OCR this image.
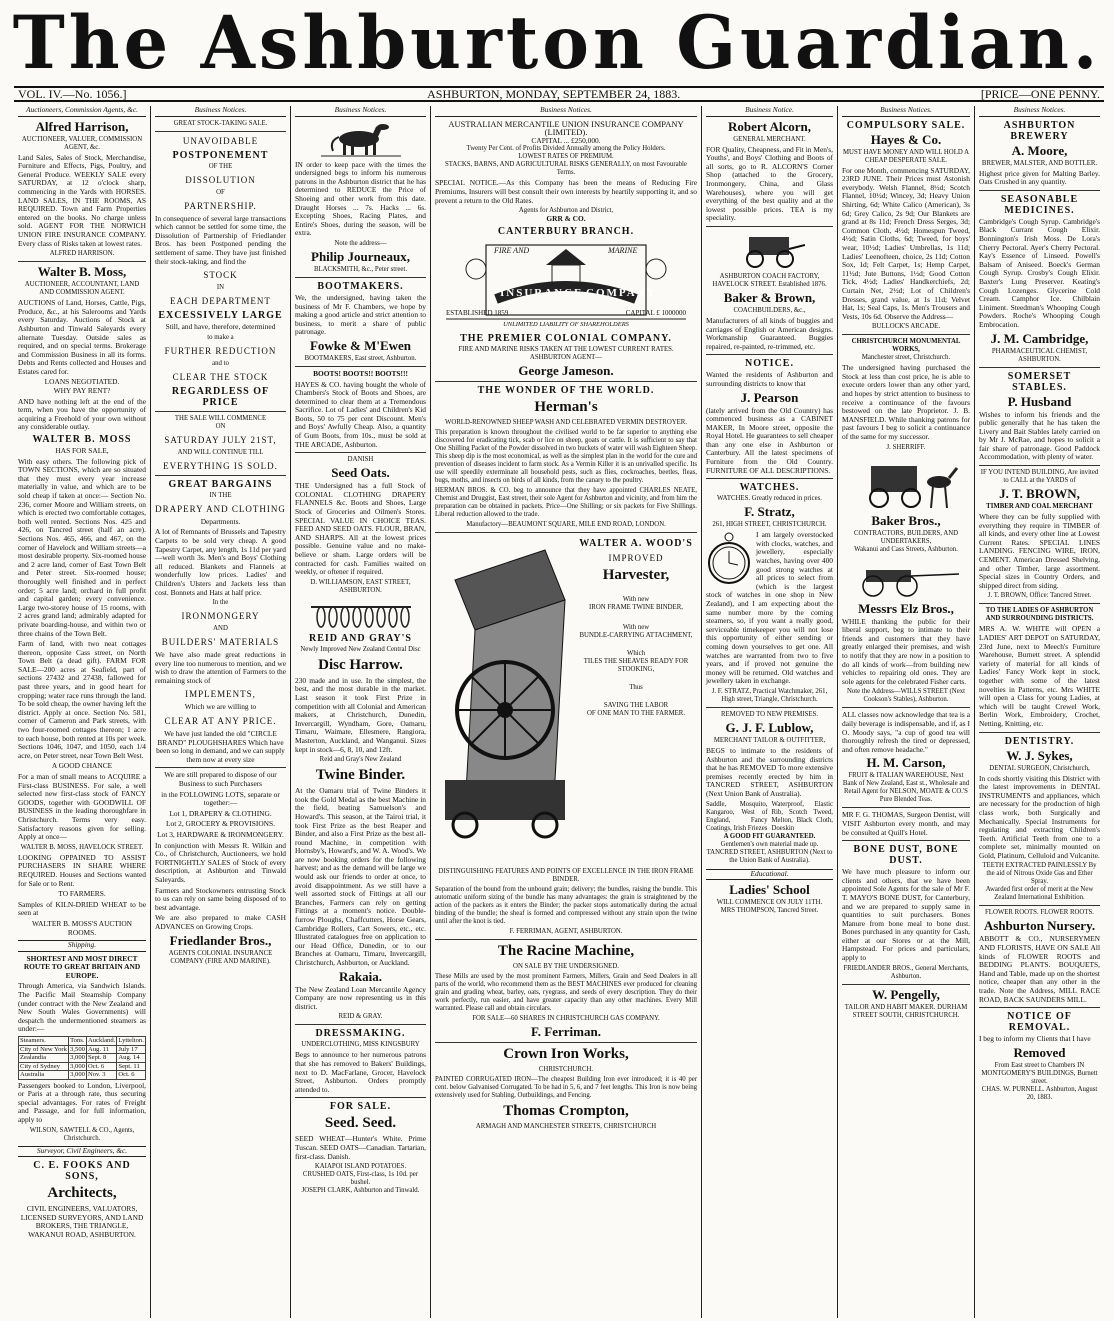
The Ashburton Guardian.
VOL. IV.—No. 1056.]	ASHBURTON, MONDAY, SEPTEMBER 24, 1883.	[PRICE—ONE PENNY.
Auctioneers, Commission Agents, &c.
Alfred Harrison,
AUCTIONEER, VALUER, COMMISSION AGENT, &c.
Land Sales, Sales of Stock, Merchandise, Furniture and Effects, Pigs, Poultry, and General Produce. WEEKLY SALE every SATURDAY, at 12 o'clock sharp, commencing in the Yards with HORSES. LAND SALES, IN THE ROOMS, AS REQUIRED. Town and Farm Properties entered on the books. No charge unless sold. AGENT FOR THE NORWICH UNION FIRE INSURANCE COMPANY. Every class of Risks taken at lowest rates.
ALFRED HARRISON.
Walter B. Moss,
AUCTIONEER, ACCOUNTANT, LAND AND COMMISSION AGENT.
AUCTIONS of Land, Horses, Cattle, Pigs, Produce, &c., at his Salerooms and Yards every Saturday. Auctions of Stock at Ashburton and Tinwald Saleyards every alternate Tuesday. Outside sales as required, and on special terms. Brokerage and Commission Business in all its forms. Debts and Rents collected and Houses and Estates cared for.
LOANS NEGOTIATED.
WHY PAY RENT?
AND have nothing left at the end of the term, when you have the opportunity of acquiring a Freehold of your own without any considerable outlay.
WALTER B. MOSS
HAS FOR SALE,
With easy others. The following pick of TOWN SECTIONS, which are so situated that they must every year increase materially in value, and which are to be sold cheap if taken at once:— Section No. 236, corner Moore and William streets, on which is erected two comfortable cottages, both well rented. Sections Nos. 425 and 426, on Tancred street (half an acre). Sections Nos. 465, 466, and 467, on the corner of Havelock and William streets—a most desirable property. Six-roomed house and 2 acre land, corner of East Town Belt and Peter street. Six-roomed house; thoroughly well finished and in perfect order; 5 acre land; orchard in full profit and capital garden; every convenience. Large two-storey house of 15 rooms, with 2 acres grand land; admirably adapted for private boarding-house, and within two or three chains of the Town Belt.
Farm of land, with two neat cottages thereon, opposite Cass street, on North Town Belt (a dead gift). FARM FOR SALE—200 acres at Seafield, part of sections 27432 and 27438, fallowed for past three years, and in good heart for cropping; water race runs through the land. To be sold cheap, the owner having left the district. Apply at once. Section No. 581, corner of Cameron and Park streets, with two four-roomed cottages thereon; 1 acre to each house, both rented at 10s per week. Sections 1046, 1047, and 1050, each 1/4 acre, on Peter street, near Town Belt West.
A GOOD CHANCE
For a man of small means to ACQUIRE a First-class BUSINESS. For sale, a well selected new first-class stock of FANCY GOODS, together with GOODWILL OF BUSINESS in the leading thoroughfare in Christchurch. Terms very easy. Satisfactory reasons given for selling. Apply at once—
WALTER B. MOSS, HAVELOCK STREET.
LOOKING OPPAINED TO ASSIST PURCHASERS IN SHARE WHERE REQUIRED. Houses and Sections wanted for Sale or to Rent.
TO FARMERS.
Samples of KILN-DRIED WHEAT to be seen at
WALTER B. MOSS'S AUCTION ROOMS.
Shipping.
SHORTEST AND MOST DIRECT ROUTE TO GREAT BRITAIN AND EUROPE.
Through America, via Sandwich Islands. The Pacific Mail Steamship Company (under contract with the New Zealand and New South Wales Governments) will despatch the undermentioned steamers as under:—
Steamers.	Tons.	Auckland.	Lyttelton.
City of New York	3,500	Aug. 11	July 17
Zealandia	3,000	Sept. 8	Aug. 14
City of Sydney	3,000	Oct. 6	Sept. 11
Australia	3,000	Nov. 3	Oct. 6
Passengers booked to London, Liverpool, or Paris at a through rate, thus securing special advantages. For rates of Freight and Passage, and for full information, apply to
WILSON, SAWTELL & CO., Agents, Christchurch.
Surveyor, Civil Engineers, &c.
C. E. FOOKS AND SONS,
Architects,
CIVIL ENGINEERS, VALUATORS, LICENSED SURVEYORS, AND LAND BROKERS, THE TRIANGLE, WAKANUI ROAD, ASHBURTON.
Business Notices.
GREAT STOCK-TAKING SALE.
UNAVOIDABLE
POSTPONEMENT
OF THE
DISSOLUTION
OF
PARTNERSHIP.
In consequence of several large transactions which cannot be settled for some time, the Dissolution of Partnership of Friedlander Bros. has been Postponed pending the settlement of same. They have just finished their stock-taking, and find the
STOCK
IN
EACH DEPARTMENT
EXCESSIVELY LARGE
Still, and have, therefore, determined
to make a
FURTHER REDUCTION
and to
CLEAR THE STOCK
REGARDLESS OF PRICE
THE SALE WILL COMMENCE
ON
SATURDAY JULY 21ST,
AND WILL CONTINUE TILL
EVERYTHING IS SOLD.
GREAT BARGAINS
IN THE
DRAPERY AND CLOTHING
Departments.
A lot of Remnants of Brussels and Tapestry Carpets to be sold very cheap. A good Tapestry Carpet, any length, 1s 11d per yard—well worth 3s. Men's and Boys' Clothing all reduced. Blankets and Flannels at wonderfully low prices. Ladies' and Children's Ulsters and Jackets less than cost. Bonnets and Hats at half price.
In the
IRONMONGERY
AND
BUILDERS' MATERIALS
We have also made great reductions in every line too numerous to mention, and we wish to draw the attention of Farmers to the remaining stock of
IMPLEMENTS,
Which we are willing to
CLEAR AT ANY PRICE.
We have just landed the old "CIRCLE BRAND" PLOUGHSHARES Which have been so long in demand, and we can supply them now at every size
We are still prepared to dispose of our Business to such Purchasers
in the FOLLOWING LOTS, separate or together:—
Lot 1, DRAPERY & CLOTHING.
Lot 2, GROCERY & PROVISIONS.
Lot 3, HARDWARE & IRONMONGERY.
In conjunction with Messrs R. Wilkin and Co., of Christchurch, Auctioneers, we hold FORTNIGHTLY SALES of Stock of every description, at Ashburton and Tinwald Saleyards.
Farmers and Stockowners entrusting Stock to us can rely on same being disposed of to best advantage.
We are also prepared to make CASH ADVANCES on Growing Crops.
Friedlander Bros.,
AGENTS COLONIAL INSURANCE COMPANY (FIRE AND MARINE).
Business Notices.
IN order to keep pace with the times the undersigned begs to inform his numerous patrons in the Ashburton district that he has determined to REDUCE the Price of Shoeing and other work from this date. Draught Horses ... 7s. Hacks ... 6s. Excepting Shoes, Racing Plates, and Entire's Shoes, during the season, will be extra.
Note the address—
Philip Journeaux,
BLACKSMITH, &c., Peter street.
BOOTMAKERS.
We, the undersigned, having taken the business of Mr F. Chambers, we hope by making a good article and strict attention to business, to merit a share of public patronage.
Fowke & M'Ewen
BOOTMAKERS, East street, Ashburton.
BOOTS! BOOTS!! BOOTS!!!
HAYES & CO. having bought the whole of Chambers's Stock of Boots and Shoes, are determined to clear them at a Tremendous Sacrifice. Lot of Ladies' and Children's Kid Boots, 50 to 75 per cent Discount. Men's and Boys' Awfully Cheap. Also, a quantity of Gum Boots, from 10s., must be sold at THE ARCADE, Ashburton.
DANISH
Seed Oats.
THE Undersigned has a full Stock of COLONIAL CLOTHING DRAPERY FLANNELS &c. Boots and Shoes, Large Stock of Groceries and Oilmen's Stores. SPECIAL VALUE IN CHOICE TEAS. FEED AND SEED OATS. FLOUR, BRAN, AND SHARPS. All at the lowest prices possible. Genuine value and no make-believe or sham. Large orders will be contracted for cash. Families waited on weekly, or oftener if required.
D. WILLIAMSON, EAST STREET, ASHBURTON.
REID AND GRAY'S
Newly Improved New Zealand Central Disc
Disc Harrow.
230 made and in use. In the simplest, the best, and the most durable in the market. Last season it took First Prize in competition with all Colonial and American makers, at Christchurch, Dunedin, Invercargill, Wyndham, Gore, Oamaru, Timaru, Waimate, Ellesmere, Rangiora, Masterton, Auckland, and Wanganui. Sizes kept in stock—6, 8, 10, and 12ft.
Reid and Gray's New Zealand
Twine Binder.
At the Oamaru trial of Twine Binders it took the Gold Medal as the best Machine in the field, beating Samuelson's and Howard's. This season, at the Tairoi trial, it took First Prize as the best Reaper and Binder, and also a First Prize as the best all-round Machine, in competition with Hornsby's, Howard's, and W. A. Wood's. We are now booking orders for the following harvest; and as the demand will be large we would ask our friends to order at once, to avoid disappointment. As we still have a well assorted stock of Fittings at all our Branches, Farmers can rely on getting Fittings at a moment's notice. Double-furrow Ploughs, Chaffcutters, Horse Gears, Cambridge Rollers, Cart Sowers, etc., etc. Illustrated catalogues free on application to our Head Office, Dunedin, or to our Branches at Oamaru, Timaru, Invercargill, Christchurch, Ashburton, or Auckland.
Rakaia.
The New Zealand Loan Mercantile Agency Company are now representing us in this district.
REID & GRAY.
DRESSMAKING.
UNDERCLOTHING, MISS KINGSBURY
Begs to announce to her numerous patrons that she has removed to Bakers' Buildings, next to D. MacFarlane, Grocer, Havelock Street, Ashburton. Orders promptly attended to.
FOR SALE.
Seed. Seed.
SEED WHEAT—Hunter's White. Prime Tuscan. SEED OATS—Canadian. Tartarian, first-class. Danish.
KAIAPOI ISLAND POTATOES.
CRUSHED OATS, First-class, 1s 10d. per bushel.
JOSEPH CLARK, Ashburton and Tinwald.
Business Notices.
AUSTRALIAN MERCANTILE UNION INSURANCE COMPANY (LIMITED).
CAPITAL ... £250,000.
Twenty Per Cent. of Profits Divided Annually among the Policy Holders.
LOWEST RATES OF PREMIUM.
STACKS, BARNS, AND AGRICULTURAL RISKS GENERALLY, on most Favourable Terms.
SPECIAL NOTICE.—As this Company has been the means of Reducing Fire Premiums, Insurers will best consult their own interests by heartily supporting it, and so prevent a return to the Old Rates.
Agents for Ashburton and District,
GRR & CO.
CANTERBURY BRANCH.
FIRE AND	MARINE
INSURANCE COMPANY
ESTABLISHED 1859	CAPITAL £ 1000000
UNLIMITED LIABILITY OF SHAREHOLDERS
THE PREMIER COLONIAL COMPANY.
FIRE AND MARINE RISKS TAKEN AT THE LOWEST CURRENT RATES.
ASHBURTON AGENT—
George Jameson.
THE WONDER OF THE WORLD.
Herman's
WORLD-RENOWNED SHEEP WASH AND CELEBRATED VERMIN DESTROYER.
This preparation is known throughout the civilised world to be far superior to anything else discovered for eradicating tick, scab or lice on sheep, goats or cattle. It is sufficient to say that One Shilling Packet of the Powder dissolved in two buckets of water will wash Eighteen Sheep. This sheep dip is the most economical, as well as the simplest plan in the world for the cure and prevention of diseases incident to farm stock. As a Vermin Killer it is an unrivalled specific. Its use will speedily exterminate all household pests, such as flies, cockroaches, beetles, fleas, bugs, moths, and insects on birds of all kinds, from the canary to the poultry.
HERMAN BROS. & CO. beg to announce that they have appointed CHARLES NEATE, Chemist and Druggist, East street, their sole Agent for Ashburton and vicinity, and from him the preparation can be obtained in packets. Price—One Shilling; or six packets for Five Shillings. Liberal reduction allowed to the trade.
Manufactory—BEAUMONT SQUARE, MILE END ROAD, LONDON.
WALTER A. WOOD'S
IMPROVED
Harvester,
With new
IRON FRAME TWINE BINDER,
With new
BUNDLE-CARRYING ATTACHMENT,
Which
TILES THE SHEAVES READY FOR STOOKING,
Thus
SAVING THE LABOR
OF ONE MAN TO THE FARMER.
DISTINGUISHING FEATURES AND POINTS OF EXCELLENCE IN THE IRON FRAME BINDER.
Separation of the bound from the unbound grain; delivery; the bundles, raising the bundle. This automatic uniform sizing of the bundle has many advantages: the grain is straightened by the action of the packers as it enters the Binder; the packer stops automatically during the actual binding of the bundle; the sheaf is formed and compressed without any strain upon the twine until after the knot is tied.
F. FERRIMAN, AGENT, ASHBURTON.
The Racine Machine,
ON SALE BY THE UNDERSIGNED.
These Mills are used by the most prominent Farmers, Millers, Grain and Seed Dealers in all parts of the world, who recommend them as the BEST MACHINES ever produced for cleaning grain and grading wheat, barley, oats, ryegrass, and seeds of every description. They do their work perfectly, run easier, and have greater capacity than any other machines. Every Mill warranted. Please call and obtain circulars.
FOR SALE—60 SHARES IN CHRISTCHURCH GAS COMPANY.
F. Ferriman.
Crown Iron Works,
CHRISTCHURCH.
PAINTED CORRUGATED IRON—The cheapest Building Iron ever introduced; it is 40 per cent. below Galvanised Corrugated. To be had in 5, 6, and 7 feet lengths. This Iron is now being extensively used for Stabling, Outbuildings, and Fencing.
Thomas Crompton,
ARMAGH AND MANCHESTER STREETS, CHRISTCHURCH
Business Notice.
Robert Alcorn,
GENERAL MERCHANT.
FOR Quality, Cheapness, and Fit in Men's, Youths', and Boys' Clothing and Boots of all sorts, go to R. ALCORN'S Corner Shop (attached to the Grocery, Ironmongery, China, and Glass Warehouses), where you will get everything of the best quality and at the lowest possible prices. TEA is my speciality.
ASHBURTON COACH FACTORY,
HAVELOCK STREET. Established 1876.
Baker & Brown,
COACHBUILDERS, &c.,
Manufacturers of all kinds of buggies and carriages of English or American designs. Workmanship Guaranteed. Buggies repaired, re-painted, re-trimmed, etc.
NOTICE.
Wanted the residents of Ashburton and surrounding districts to know that
J. Pearson
(lately arrived from the Old Country) has commenced business as a CABINET MAKER, In Moore street, opposite the Royal Hotel. He guarantees to sell cheaper than any one else in Ashburton or Canterbury. All the latest specimens of Furniture from the Old Country. FURNITURE OF ALL DESCRIPTIONS.
WATCHES.
WATCHES. Greatly reduced in prices.
F. Stratz,
261, HIGH STREET, CHRISTCHURCH.
I am largely overstocked with clocks, watches, and jewellery, especially watches, having over 400 good strong watches at all prices to select from (which is the largest stock of watches in one shop in New Zealand), and I am expecting about the same number more by the coming steamers, so, if you want a really good, serviceable timekeeper you will not lose this opportunity of either sending or coming down yourselves to get one. All watches are warranted from two to five years, and if proved not genuine the money will be returned. Old watches and jewellery taken in exchange.
J. F. STRATZ, Practical Watchmaker, 261, High street, Triangle, Christchurch.
REMOVED TO NEW PREMISES.
G. J. F. Lublow,
MERCHANT TAILOR & OUTFITTER,
BEGS to intimate to the residents of Ashburton and the surrounding districts that he has REMOVED To more extensive premises recently erected by him in TANCRED STREET, ASHBURTON (Next Union Bank of Australia).
Saddle, Mosquito, Kangaroo, West of England, Fancy Coatings, Irish Friezes
Waterproof, Elastic Rib, Scotch Tweed, Melton, Black Cloth, Doeskin
A GOOD FIT GUARANTEED.
Gentlemen's own material made up.
TANCRED STREET, ASHBURTON (Next to the Union Bank of Australia).
Educational.
Ladies' School
WILL COMMENCE ON JULY 11TH.
MRS THOMPSON, Tancred Street.
Business Notices.
COMPULSORY SALE.
Hayes & Co.
MUST HAVE MONEY AND WILL HOLD A CHEAP DESPERATE SALE.
For one Month, commencing SATURDAY, 23RD JUNE. Their Prices must Astonish everybody. Welsh Flannel, 8½d; Scotch Flannel, 10½d; Wincey, 3d; Heavy Union Shirting, 6d; White Calico (American), 3s 6d; Grey Calico, 2s 9d; Our Blankets are grand at 8s 11d; French Dress Serges, 3d; Common Cloth, 4½d; Homespun Tweed, 4½d; Satin Cloths, 6d; Tweed, for boys' wear, 10½d; Ladies' Umbrellas, 1s 11d; Ladies' Leenofteen, choice, 2s 11d; Cotton Sox, 1d; Felt Carpet, 1s; Hemp Carpet, 11½d; Jute Buttons, 1½d; Good Cotton Tick, 4½d; Ladies' Handkerchiefs, 2d; Curtain Net, 2½d; Lot of Children's Dresses, grand value, at 1s 11d; Velvet Hat, 1s; Seal Caps, 1s. Men's Trousers and Vests, 10s 6d. Observe the Address—
BULLOCK'S ARCADE.
CHRISTCHURCH MONUMENTAL WORKS,
Manchester street, Christchurch.
The undersigned having purchased the Stock at less than cost price, he is able to execute orders lower than any other yard, and hopes by strict attention to business to receive a continuance of the favours bestowed on the late Proprietor. J. B. MANSFIELD. While thanking patrons for past favours I beg to solicit a continuance of the same for my successor.
J. SHERRIFF.
Baker Bros.,
CONTRACTORS, BUILDERS, AND UNDERTAKERS,
Wakanui and Cass Streets, Ashburton.
Messrs Elz Bros.,
WHILE thanking the public for their liberal support, beg to intimate to their friends and customers that they have greatly enlarged their premises, and wish to notify that they are now in a position to do all kinds of work—from building new vehicles to repairing old ones. They are sole agents for the celebrated Fisher carts.
Note the Address—WILLS STREET (Next Cookson's Stables), Ashburton.
ALL classes now acknowledge that tea is a daily beverage is indispensable, and if, as I O. Moody says, "a cup of good tea will thoroughly refresh the tired or depressed, and often remove headache."
H. M. Carson,
FRUIT & ITALIAN WAREHOUSE, Next Bank of New Zealand, East st., Wholesale and Retail Agent for NELSON, MOATE & CO.'S Pure Blended Teas.
MR F. G. THOMAS, Surgeon Dentist, will VISIT Ashburton every month, and may be consulted at Quill's Hotel.
BONE DUST, BONE DUST.
We have much pleasure to inform our clients and others, that we have been appointed Sole Agents for the sale of Mr F. T. MAYO'S BONE DUST, for Canterbury, and we are prepared to supply same in quantities to suit purchasers. Bones Manure from bone meal to bone dust. Bones purchased in any quantity for Cash, either at our Stores or at the Mill, Hampstead. For prices and particulars, apply to
FRIEDLANDER BROS., General Merchants, Ashburton.
W. Pengelly,
TAILOR AND HABIT MAKER. DURHAM STREET SOUTH, CHRISTCHURCH.
Business Notices.
ASHBURTON BREWERY
A. Moore,
BREWER, MALSTER, AND BOTTLER.
Highest price given for Malting Barley. Oats Crushed in any quantity.
SEASONABLE MEDICINES.
Cambridge's Cough Syrup. Cambridge's Black Currant Cough Elixir. Bonnington's Irish Moss. De Lora's Cherry Pectoral. Ayer's Cherry Pectoral. Kay's Essence of Linseed. Powell's Balsam of Aniseed. Boeck's German Cough Syrup. Crosby's Cough Elixir. Baxter's Lung Preserver. Keating's Cough Lozenges. Glycerine Cold Cream. Camphor Ice. Chilblain Liniment. Steedman's Whooping Cough Powders. Roche's Whooping Cough Embrocation.
J. M. Cambridge,
PHARMACEUTICAL CHEMIST, ASHBURTON.
SOMERSET STABLES.
P. Husband
Wishes to inform his friends and the public generally that he has taken the Livery and Bait Stables lately carried on by Mr J. McRae, and hopes to solicit a fair share of patronage. Good Paddock Accommodation, with plenty of water.
IF YOU INTEND BUILDING, Are invited to CALL at the YARDS of
J. T. BROWN,
TIMBER AND COAL MERCHANT
Where they can be fully supplied with everything they require in TIMBER of all kinds, and every other line at Lowest Current Rates. SPECIAL LINES LANDING. FENCING WIRE, IRON, CEMENT. American Dressed Shelving, and other Timber, large assortment. Special sizes in Country Orders, and shipped direct from siding.
J. T. BROWN, Office: Tancred Street.
TO THE LADIES OF ASHBURTON AND SURROUNDING DISTRICTS.
MRS A. W. WHITE will OPEN a LADIES' ART DEPOT on SATURDAY, 23rd June, next to Meech's Furniture Warehouse, Burnett street. A splendid variety of material for all kinds of Ladies' Fancy Work kept in stock, together with some of the latest novelties in Patterns, etc. Mrs WHITE will open a Class for young Ladies, at which will be taught Crewel Work, Berlin Work, Embroidery, Crochet, Netting, Knitting, etc.
DENTISTRY.
W. J. Sykes,
DENTAL SURGEON, Christchurch,
In cods shortly visiting this District with the latest improvements in DENTAL INSTRUMENTS and appliances, which are necessary for the production of high class work, both Surgically and Mechanically. Special Instruments for regulating and extracting Children's Teeth. Artificial Teeth from one to a complete set, minimally mounted on Gold, Platinum, Celluloid and Vulcanite.
TEETH EXTRACTED PAINLESSLY By the aid of Nitrous Oxide Gas and Ether Spray.
Awarded first order of merit at the New Zealand International Exhibition.
FLOWER ROOTS. FLOWER ROOTS.
Ashburton Nursery.
ABBOTT & CO., NURSERYMEN AND FLORISTS, HAVE ON SALE All kinds of FLOWER ROOTS and BEDDING PLANTS. BOUQUETS, Hand and Table, made up on the shortest notice, cheaper than any other in the trade. Note the Address, MILL RACE ROAD, BACK SAUNDERS MILL.
NOTICE OF REMOVAL.
I beg to inform my Clients that I have
Removed
From East street to Chambers IN MONTGOMERY'S BUILDINGS, Burnett street.
CHAS. W. PURNELL. Ashburton, August 20, 1883.
